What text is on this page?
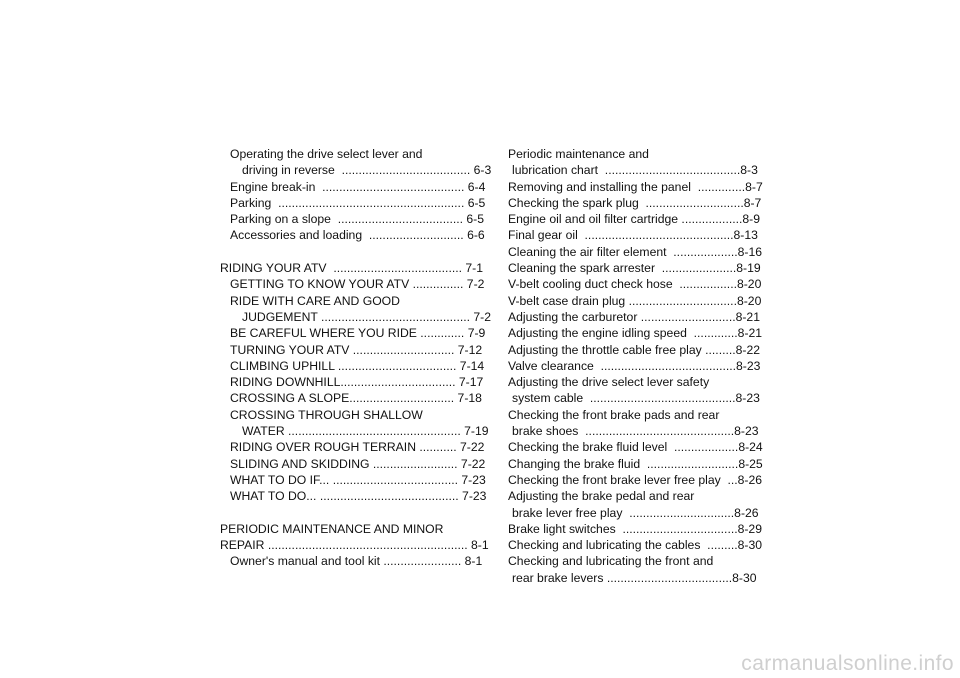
Operating the drive select lever and
driving in reverse  ...................................... 6-3
Engine break-in  .......................................... 6-4
Parking  ....................................................... 6-5
Parking on a slope  ..................................... 6-5
Accessories and loading  ............................ 6-6
RIDING YOUR ATV  ...................................... 7-1
GETTING TO KNOW YOUR ATV ............... 7-2
RIDE WITH CARE AND GOOD
JUDGEMENT ............................................ 7-2
BE CAREFUL WHERE YOU RIDE ............. 7-9
TURNING YOUR ATV .............................. 7-12
CLIMBING UPHILL ................................... 7-14
RIDING DOWNHILL.................................. 7-17
CROSSING A SLOPE............................... 7-18
CROSSING THROUGH SHALLOW
WATER ................................................... 7-19
RIDING OVER ROUGH TERRAIN ........... 7-22
SLIDING AND SKIDDING ......................... 7-22
WHAT TO DO IF... ..................................... 7-23
WHAT TO DO... ......................................... 7-23
PERIODIC MAINTENANCE AND MINOR
REPAIR ........................................................... 8-1
Owner's manual and tool kit ....................... 8-1
Periodic maintenance and
lubrication chart  ........................................8-3
Removing and installing the panel  ..............8-7
Checking the spark plug  .............................8-7
Engine oil and oil filter cartridge ..................8-9
Final gear oil  ............................................8-13
Cleaning the air filter element  ...................8-16
Cleaning the spark arrester  ......................8-19
V-belt cooling duct check hose  .................8-20
V-belt case drain plug ................................8-20
Adjusting the carburetor ............................8-21
Adjusting the engine idling speed  .............8-21
Adjusting the throttle cable free play .........8-22
Valve clearance  ........................................8-23
Adjusting the drive select lever safety
system cable  ...........................................8-23
Checking the front brake pads and rear
brake shoes  ............................................8-23
Checking the brake fluid level  ...................8-24
Changing the brake fluid  ...........................8-25
Checking the front brake lever free play  ...8-26
Adjusting the brake pedal and rear
brake lever free play  ...............................8-26
Brake light switches  ..................................8-29
Checking and lubricating the cables  .........8-30
Checking and lubricating the front and
rear brake levers .....................................8-30
carmanualsonline.info
